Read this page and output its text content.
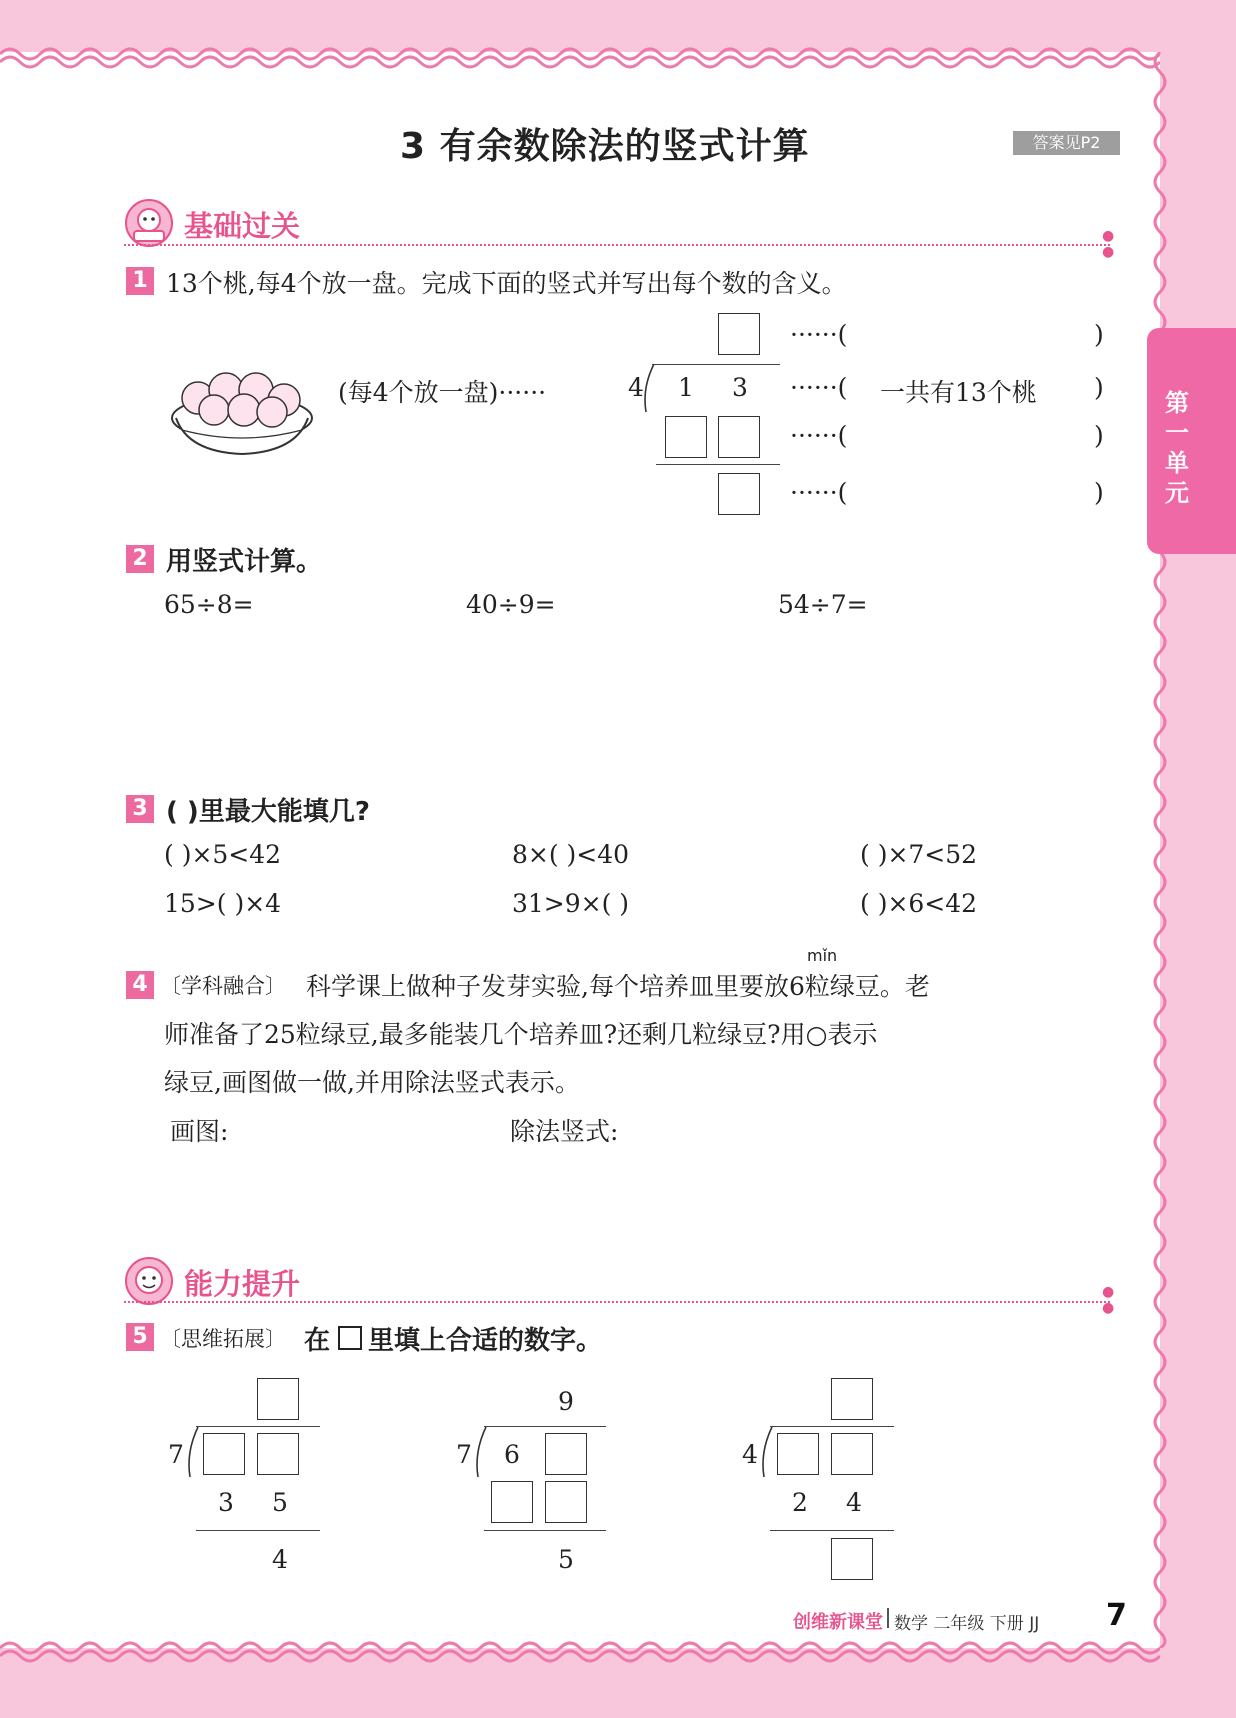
第一单元
3 有余数除法的竖式计算	答案见P2
基础过关	●
●
1 13个桃,每4个放一盘。完成下面的竖式并写出每个数的含义。
(每4个放一盘)······	4 1 3
······(	)
······( 一共有13个桃 )
······(	)
······(	)
2 用竖式计算。
65÷8=	40÷9=	54÷7=
3 ( )里最大能填几?
( )×5<42	8×( )<40	( )×7<52
15>( )×4	31>9×( )	( )×6<42
4
mǐn
〔学科融合〕 科学课上做种子发芽实验,每个培养皿里要放6粒绿豆。老
师准备了25粒绿豆,最多能装几个培养皿?还剩几粒绿豆?用○表示
绿豆,画图做一做,并用除法竖式表示。
画图:	除法竖式:
能力提升	●
●
5 〔思维拓展〕 在 里填上合适的数字。
7
3 5
4
9
7 6
5
4
2 4
创维新课堂 数学 二年级 下册 JJ 7
